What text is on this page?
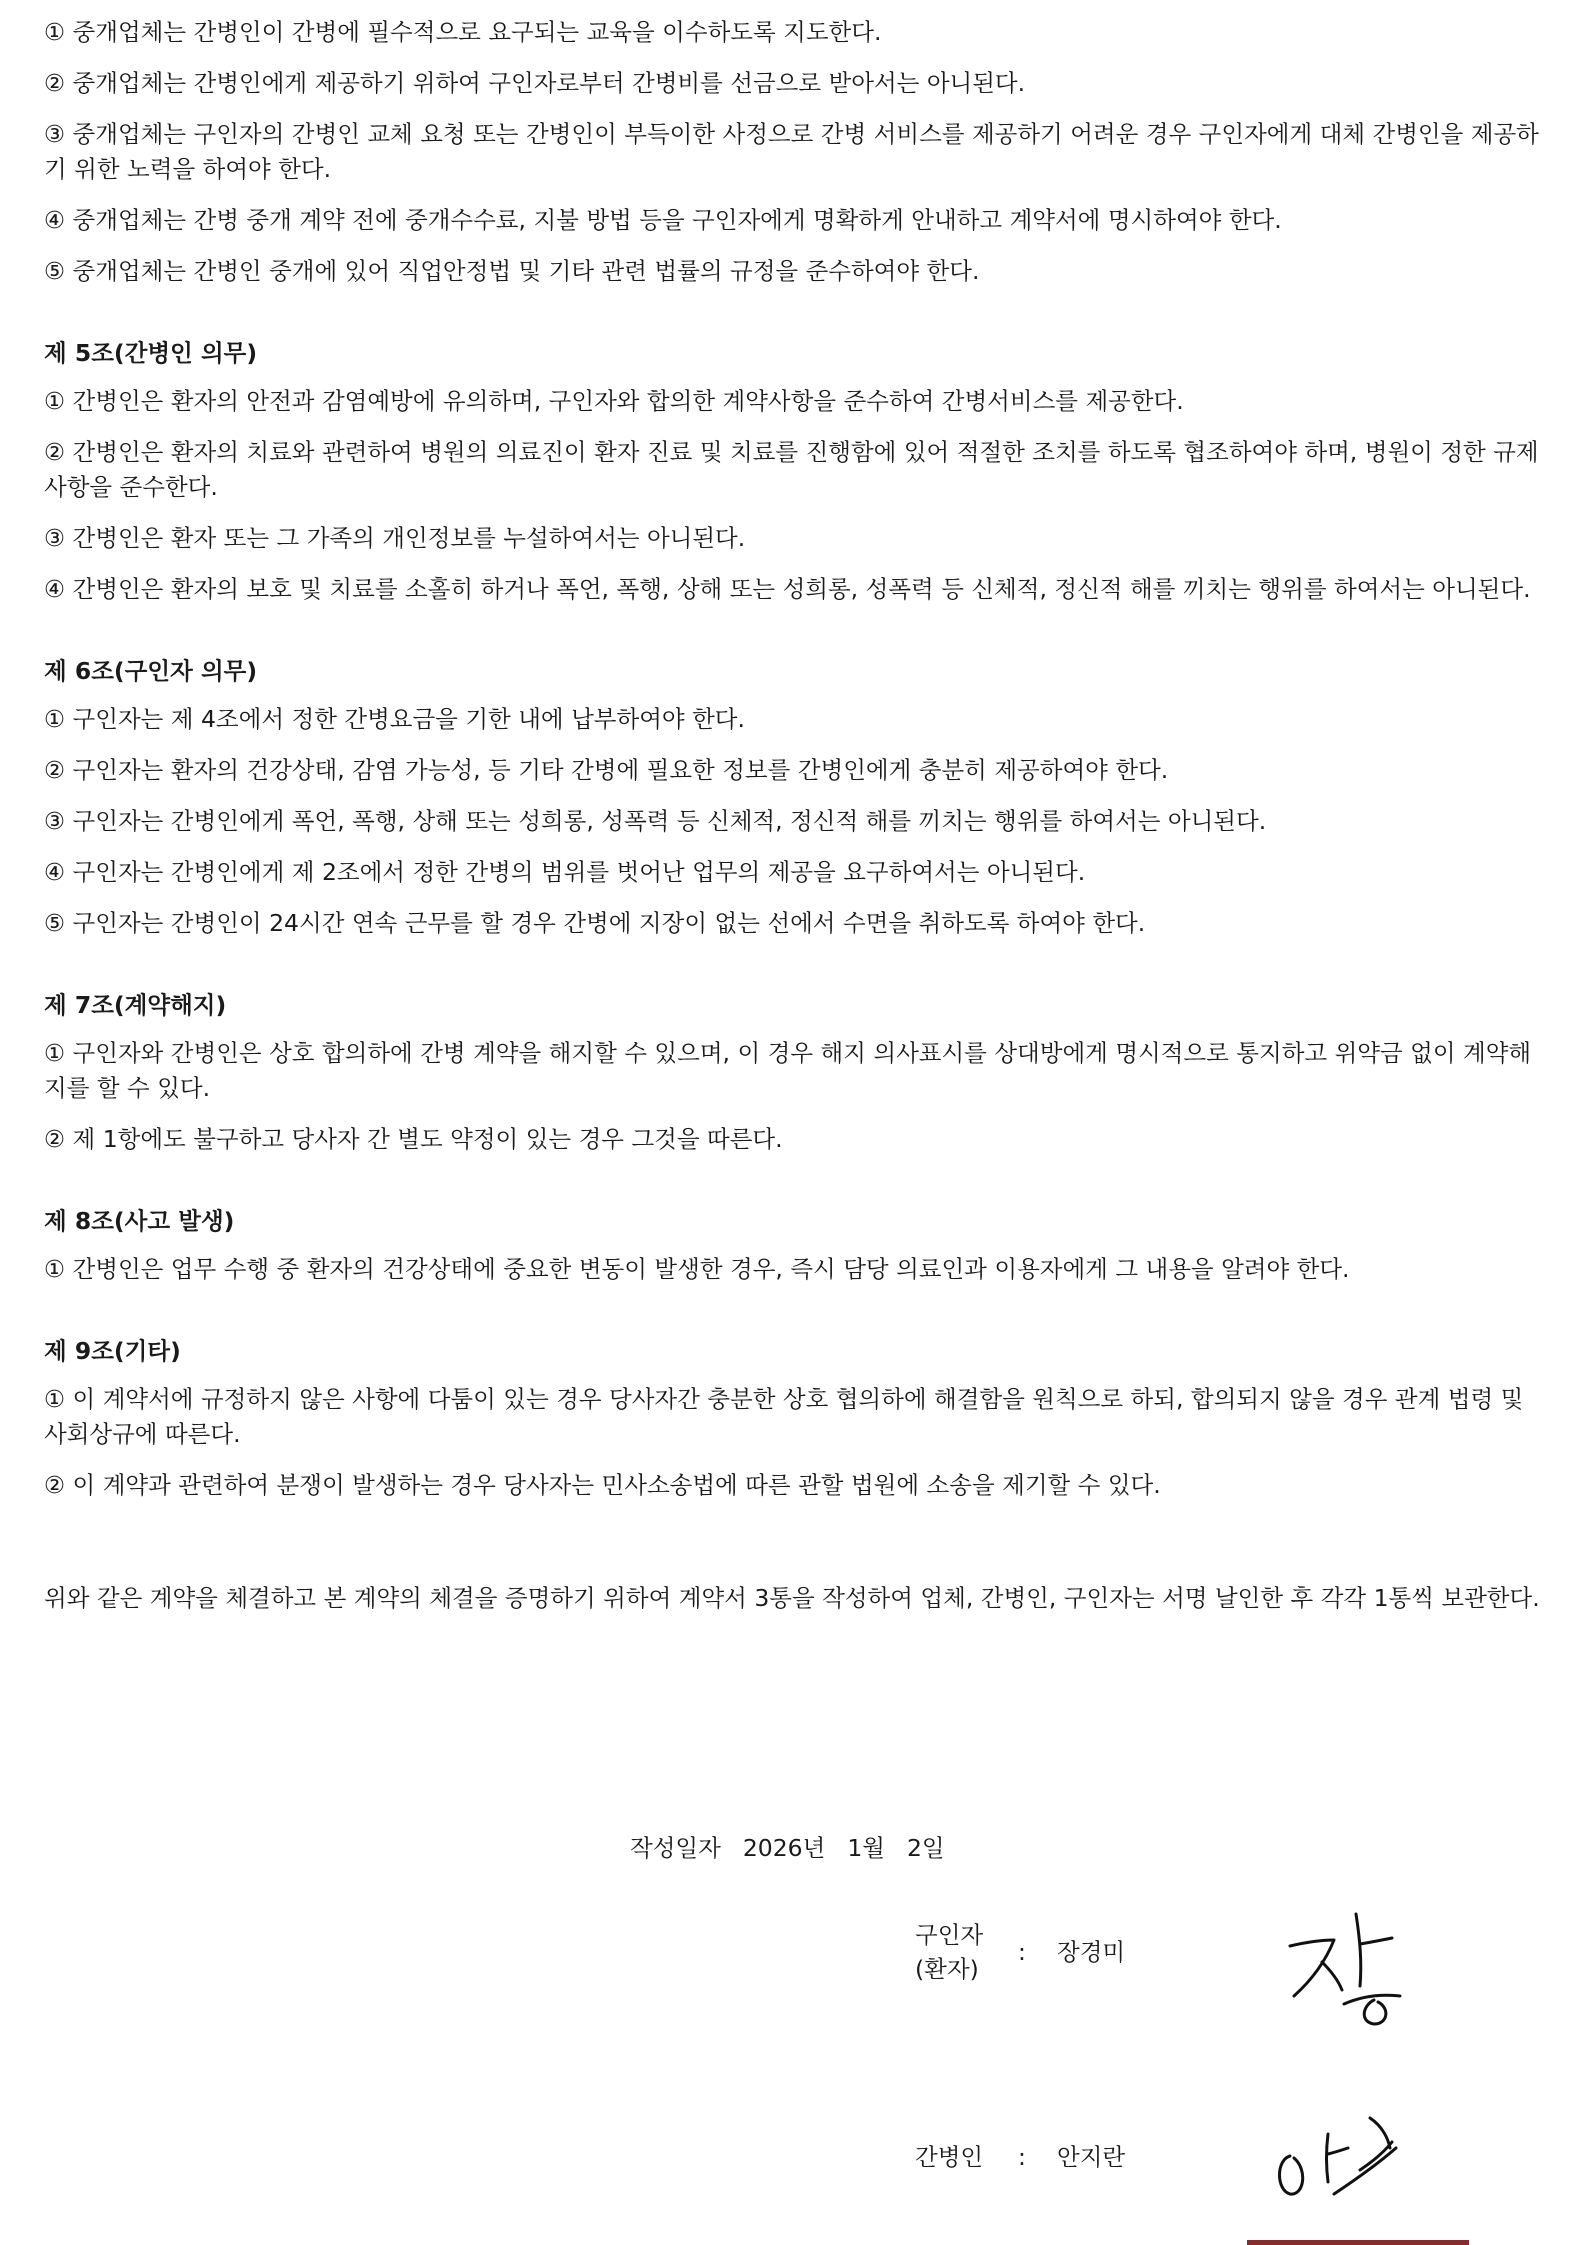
① 중개업체는 간병인이 간병에 필수적으로 요구되는 교육을 이수하도록 지도한다.

② 중개업체는 간병인에게 제공하기 위하여 구인자로부터 간병비를 선금으로 받아서는 아니된다.

③ 중개업체는 구인자의 간병인 교체 요청 또는 간병인이 부득이한 사정으로 간병 서비스를 제공하기 어려운 경우 구인자에게 대체 간병인을 제공하기 위한 노력을 하여야 한다.

④ 중개업체는 간병 중개 계약 전에 중개수수료, 지불 방법 등을 구인자에게 명확하게 안내하고 계약서에 명시하여야 한다.

⑤ 중개업체는 간병인 중개에 있어 직업안정법 및 기타 관련 법률의 규정을 준수하여야 한다.

제 5조(간병인 의무)

① 간병인은 환자의 안전과 감염예방에 유의하며, 구인자와 합의한 계약사항을 준수하여 간병서비스를 제공한다.

② 간병인은 환자의 치료와 관련하여 병원의 의료진이 환자 진료 및 치료를 진행함에 있어 적절한 조치를 하도록 협조하여야 하며, 병원이 정한 규제사항을 준수한다.

③ 간병인은 환자 또는 그 가족의 개인정보를 누설하여서는 아니된다.

④ 간병인은 환자의 보호 및 치료를 소홀히 하거나 폭언, 폭행, 상해 또는 성희롱, 성폭력 등 신체적, 정신적 해를 끼치는 행위를 하여서는 아니된다.

제 6조(구인자 의무)

① 구인자는 제 4조에서 정한 간병요금을 기한 내에 납부하여야 한다.

② 구인자는 환자의 건강상태, 감염 가능성, 등 기타 간병에 필요한 정보를 간병인에게 충분히 제공하여야 한다.

③ 구인자는 간병인에게 폭언, 폭행, 상해 또는 성희롱, 성폭력 등 신체적, 정신적 해를 끼치는 행위를 하여서는 아니된다.

④ 구인자는 간병인에게 제 2조에서 정한 간병의 범위를 벗어난 업무의 제공을 요구하여서는 아니된다.

⑤ 구인자는 간병인이 24시간 연속 근무를 할 경우 간병에 지장이 없는 선에서 수면을 취하도록 하여야 한다.

제 7조(계약해지)

① 구인자와 간병인은 상호 합의하에 간병 계약을 해지할 수 있으며, 이 경우 해지 의사표시를 상대방에게 명시적으로 통지하고 위약금 없이 계약해지를 할 수 있다.

② 제 1항에도 불구하고 당사자 간 별도 약정이 있는 경우 그것을 따른다.

제 8조(사고 발생)

① 간병인은 업무 수행 중 환자의 건강상태에 중요한 변동이 발생한 경우, 즉시 담당 의료인과 이용자에게 그 내용을 알려야 한다.

제 9조(기타)

① 이 계약서에 규정하지 않은 사항에 다툼이 있는 경우 당사자간 충분한 상호 협의하에 해결함을 원칙으로 하되, 합의되지 않을 경우 관계 법령 및 사회상규에 따른다.

② 이 계약과 관련하여 분쟁이 발생하는 경우 당사자는 민사소송법에 따른 관할 법원에 소송을 제기할 수 있다.

위와 같은 계약을 체결하고 본 계약의 체결을 증명하기 위하여 계약서 3통을 작성하여 업체, 간병인, 구인자는 서명 날인한 후 각각 1통씩 보관한다.

작성일자 2026년 1월 2일
구인자
(환자)
: 장경미
간병인 : 안지란
